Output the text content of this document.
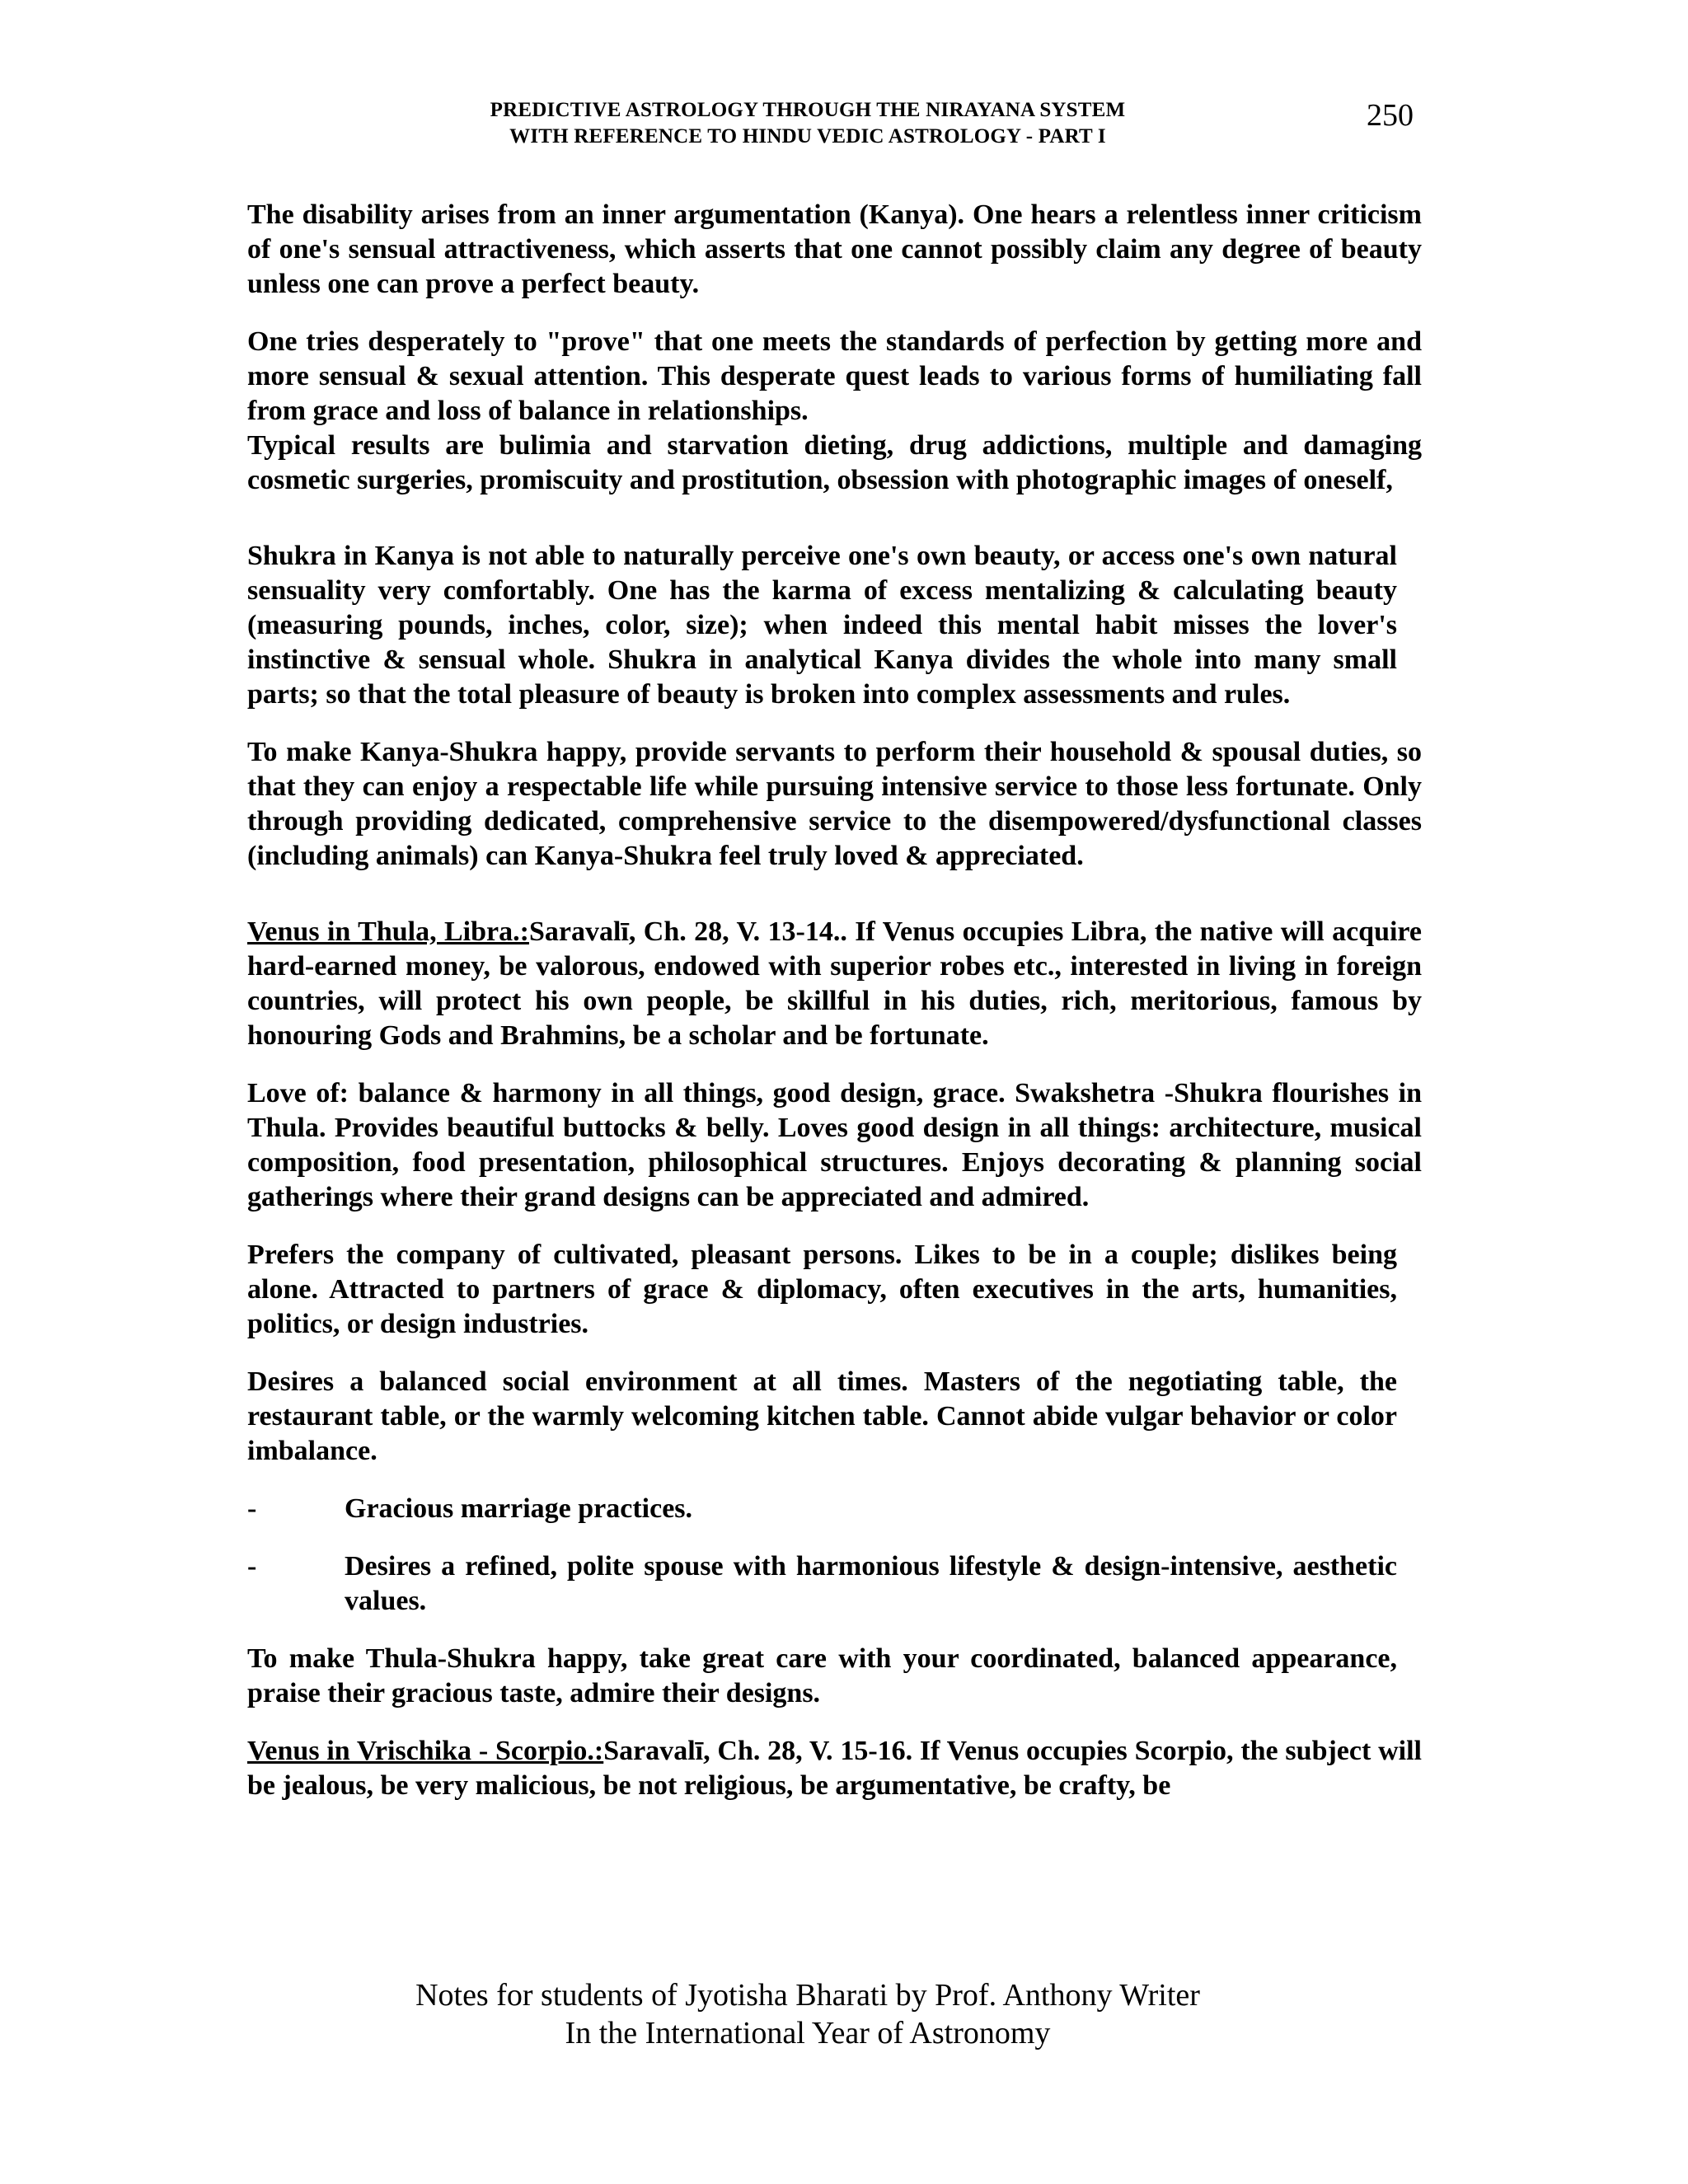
PREDICTIVE ASTROLOGY THROUGH THE NIRAYANA SYSTEM
WITH REFERENCE TO HINDU VEDIC ASTROLOGY - PART I
250

The disability arises from an inner argumentation (Kanya). One hears a relentless inner criticism of one's sensual attractiveness, which asserts that one cannot possibly claim any degree of beauty unless one can prove a perfect beauty.

One tries desperately to "prove" that one meets the standards of perfection by getting more and more sensual & sexual attention. This desperate quest leads to various forms of humiliating fall from grace and loss of balance in relationships.

Typical results are bulimia and starvation dieting, drug addictions, multiple and damaging cosmetic surgeries, promiscuity and prostitution, obsession with photographic images of oneself,

Shukra in Kanya is not able to naturally perceive one's own beauty, or access one's own natural sensuality very comfortably. One has the karma of excess mentalizing & calculating beauty (measuring pounds, inches, color, size); when indeed this mental habit misses the lover's instinctive & sensual whole. Shukra in analytical Kanya divides the whole into many small parts; so that the total pleasure of beauty is broken into complex assessments and rules.

To make Kanya-Shukra happy, provide servants to perform their household & spousal duties, so that they can enjoy a respectable life while pursuing intensive service to those less fortunate. Only through providing dedicated, comprehensive service to the disempowered/dysfunctional classes (including animals) can Kanya-Shukra feel truly loved & appreciated.

Venus in Thula, Libra.:Saravalī, Ch. 28, V. 13-14.. If Venus occupies Libra, the native will acquire hard-earned money, be valorous, endowed with superior robes etc., interested in living in foreign countries, will protect his own people, be skillful in his duties, rich, meritorious, famous by honouring Gods and Brahmins, be a scholar and be fortunate.

Love of: balance & harmony in all things, good design, grace. Swakshetra -Shukra flourishes in Thula. Provides beautiful buttocks & belly. Loves good design in all things: architecture, musical composition, food presentation, philosophical structures. Enjoys decorating & planning social gatherings where their grand designs can be appreciated and admired.

Prefers the company of cultivated, pleasant persons. Likes to be in a couple; dislikes being alone. Attracted to partners of grace & diplomacy, often executives in the arts, humanities, politics, or design industries.

Desires a balanced social environment at all times. Masters of the negotiating table, the restaurant table, or the warmly welcoming kitchen table. Cannot abide vulgar behavior or color imbalance.

-	Gracious marriage practices.
-	Desires a refined, polite spouse with harmonious lifestyle & design-intensive, aesthetic values.

To make Thula-Shukra happy, take great care with your coordinated, balanced appearance, praise their gracious taste, admire their designs.

Venus in Vrischika - Scorpio.:Saravalī, Ch. 28, V. 15-16. If Venus occupies Scorpio, the subject will be jealous, be very malicious, be not religious, be argumentative, be crafty, be

Notes for students of Jyotisha Bharati by Prof. Anthony Writer
In the International Year of Astronomy
